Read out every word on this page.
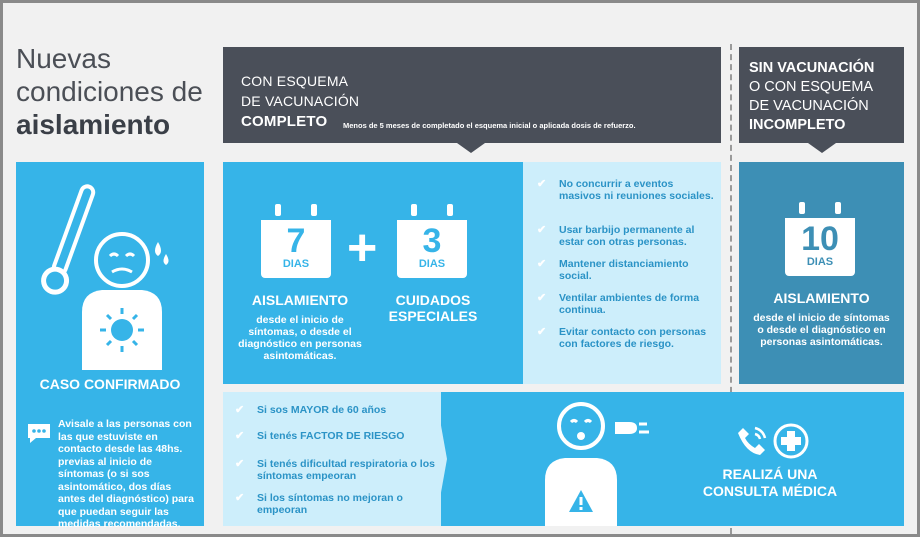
Nuevas
condiciones de
aislamiento
CON ESQUEMA
DE VACUNACIÓN
COMPLETO	Menos de 5 meses de completado el esquema inicial o aplicada dosis de refuerzo.
SIN VACUNACIÓN
O CON ESQUEMA
DE VACUNACIÓN
INCOMPLETO
CASO CONFIRMADO
Avisale a las personas con las que estuviste en contacto desde las 48hs. previas al inicio de síntomas (o si sos asintomático, dos días antes del diagnóstico) para que puedan seguir las medidas recomendadas.
7
DIAS +	3
DIAS
AISLAMIENTO
desde el inicio de síntomas, o desde el diagnóstico en personas asintomáticas.
CUIDADOS
ESPECIALES
✔ No concurrir a eventos masivos ni reuniones sociales.
✔ Usar barbijo permanente al estar con otras personas.
✔ Mantener distanciamiento social.
✔ Ventilar ambientes de forma continua.
✔ Evitar contacto con personas con factores de riesgo.
10
DIAS
AISLAMIENTO
desde el inicio de síntomas o desde el diagnóstico en personas asintomáticas.
✔ Si sos MAYOR de 60 años
✔ Si tenés FACTOR DE RIESGO
✔ Si tenés dificultad respiratoria o los síntomas empeoran
✔ Si los síntomas no mejoran o empeoran
REALIZÁ UNA
CONSULTA MÉDICA
